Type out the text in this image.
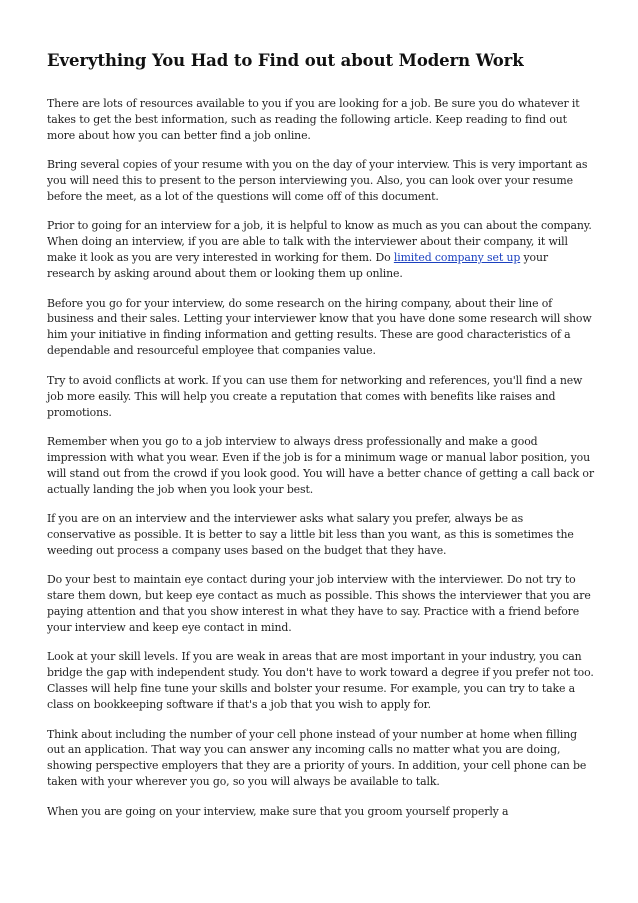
Everything You Had to Find out about Modern Work

There are lots of resources available to you if you are looking for a job. Be sure you do whatever it takes to get the best information, such as reading the following article. Keep reading to find out more about how you can better find a job online.

Bring several copies of your resume with you on the day of your interview. This is very important as you will need this to present to the person interviewing you. Also, you can look over your resume before the meet, as a lot of the questions will come off of this document.

Prior to going for an interview for a job, it is helpful to know as much as you can about the company. When doing an interview, if you are able to talk with the interviewer about their company, it will make it look as you are very interested in working for them. Do limited company set up your research by asking around about them or looking them up online.

Before you go for your interview, do some research on the hiring company, about their line of business and their sales. Letting your interviewer know that you have done some research will show him your initiative in finding information and getting results. These are good characteristics of a dependable and resourceful employee that companies value.

Try to avoid conflicts at work. If you can use them for networking and references, you'll find a new job more easily. This will help you create a reputation that comes with benefits like raises and promotions.

Remember when you go to a job interview to always dress professionally and make a good impression with what you wear. Even if the job is for a minimum wage or manual labor position, you will stand out from the crowd if you look good. You will have a better chance of getting a call back or actually landing the job when you look your best.

If you are on an interview and the interviewer asks what salary you prefer, always be as conservative as possible. It is better to say a little bit less than you want, as this is sometimes the weeding out process a company uses based on the budget that they have.

Do your best to maintain eye contact during your job interview with the interviewer. Do not try to stare them down, but keep eye contact as much as possible. This shows the interviewer that you are paying attention and that you show interest in what they have to say. Practice with a friend before your interview and keep eye contact in mind.

Look at your skill levels. If you are weak in areas that are most important in your industry, you can bridge the gap with independent study. You don't have to work toward a degree if you prefer not too. Classes will help fine tune your skills and bolster your resume. For example, you can try to take a class on bookkeeping software if that's a job that you wish to apply for.

Think about including the number of your cell phone instead of your number at home when filling out an application. That way you can answer any incoming calls no matter what you are doing, showing perspective employers that they are a priority of yours. In addition, your cell phone can be taken with your wherever you go, so you will always be available to talk.

When you are going on your interview, make sure that you groom yourself properly a
